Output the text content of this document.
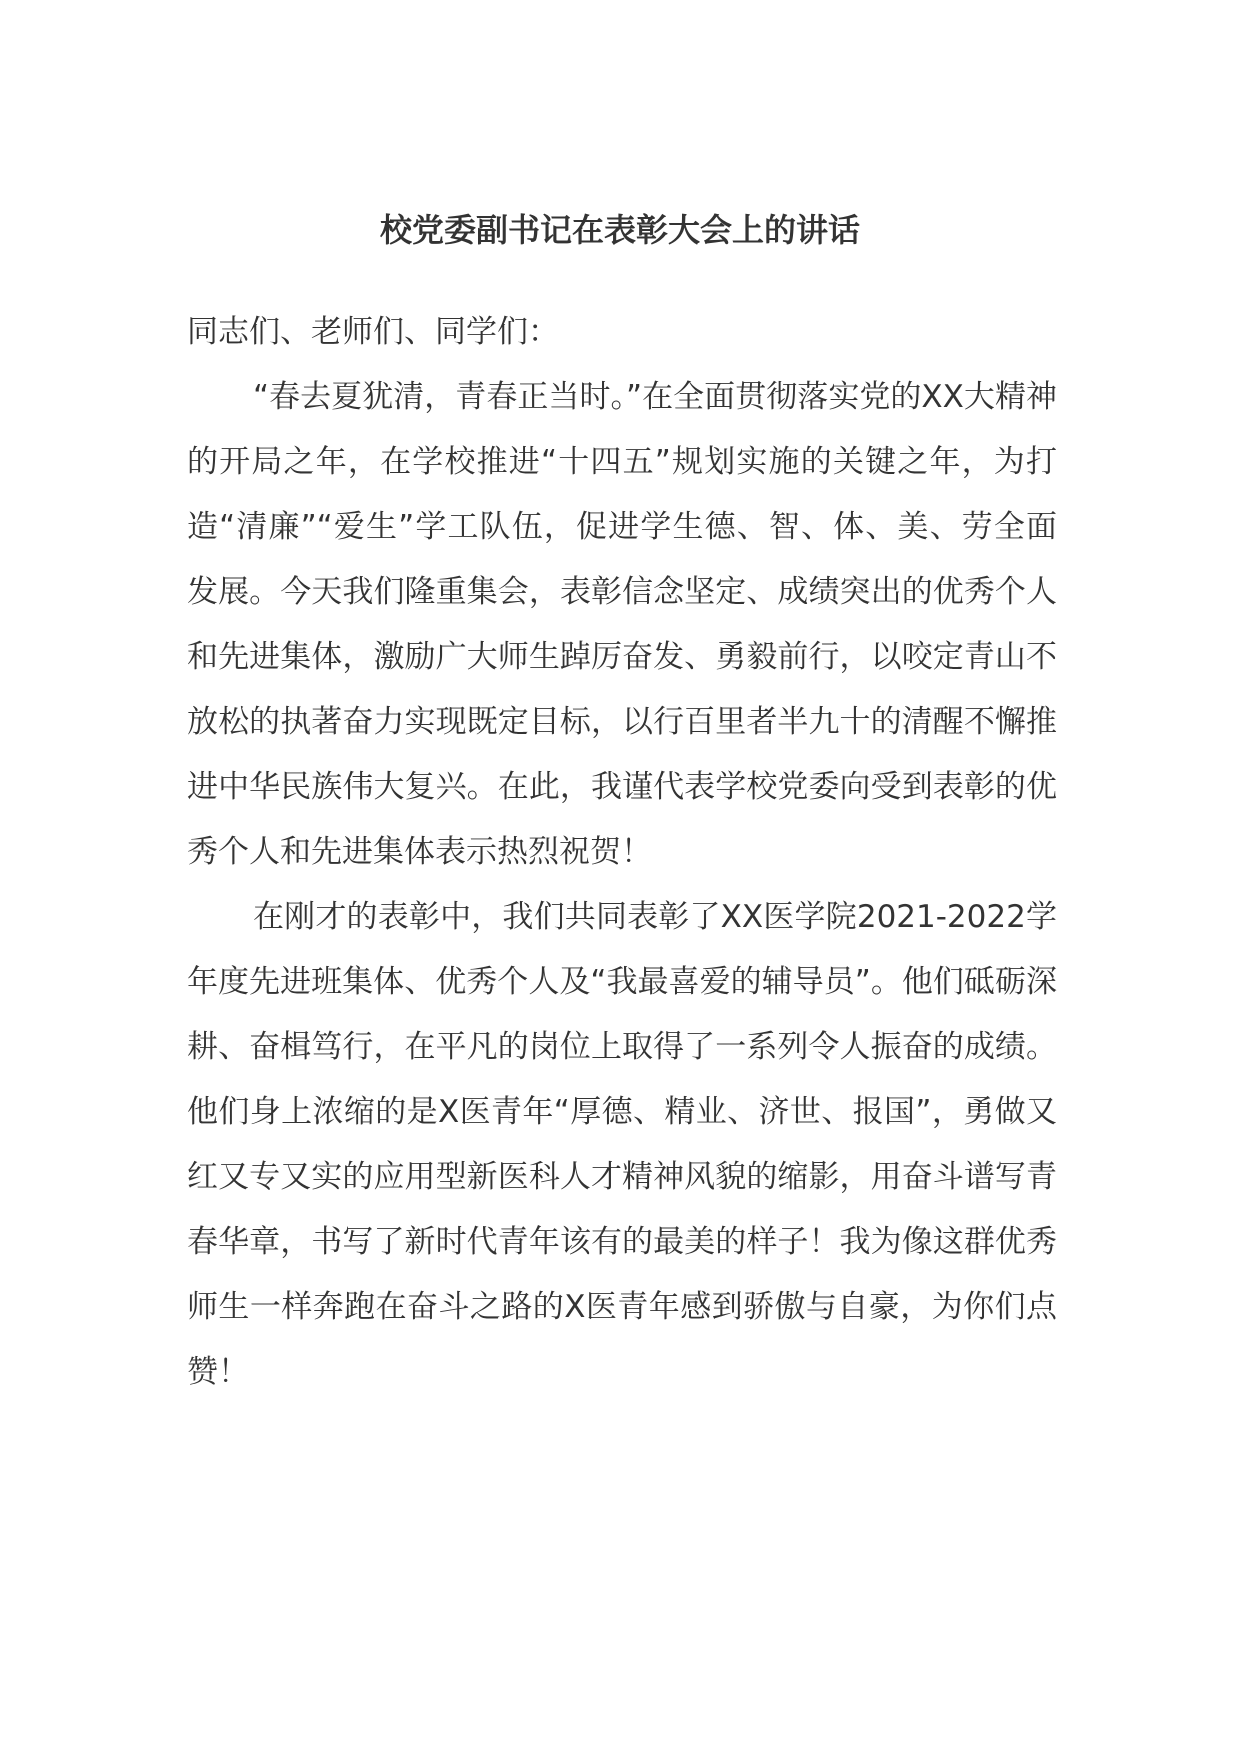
校党委副书记在表彰大会上的讲话

同志们、老师们、同学们：

“春去夏犹清，青春正当时。”在全面贯彻落实党的XX大精神的开局之年，在学校推进“十四五”规划实施的关键之年，为打造“清廉”“爱生”学工队伍，促进学生德、智、体、美、劳全面发展。今天我们隆重集会，表彰信念坚定、成绩突出的优秀个人和先进集体，激励广大师生踔厉奋发、勇毅前行，以咬定青山不放松的执著奋力实现既定目标，以行百里者半九十的清醒不懈推进中华民族伟大复兴。在此，我谨代表学校党委向受到表彰的优秀个人和先进集体表示热烈祝贺！

在刚才的表彰中，我们共同表彰了XX医学院2021-2022学年度先进班集体、优秀个人及“我最喜爱的辅导员”。他们砥砺深耕、奋楫笃行，在平凡的岗位上取得了一系列令人振奋的成绩。他们身上浓缩的是X医青年“厚德、精业、济世、报国”，勇做又红又专又实的应用型新医科人才精神风貌的缩影，用奋斗谱写青春华章，书写了新时代青年该有的最美的样子！我为像这群优秀师生一样奔跑在奋斗之路的X医青年感到骄傲与自豪，为你们点赞！
